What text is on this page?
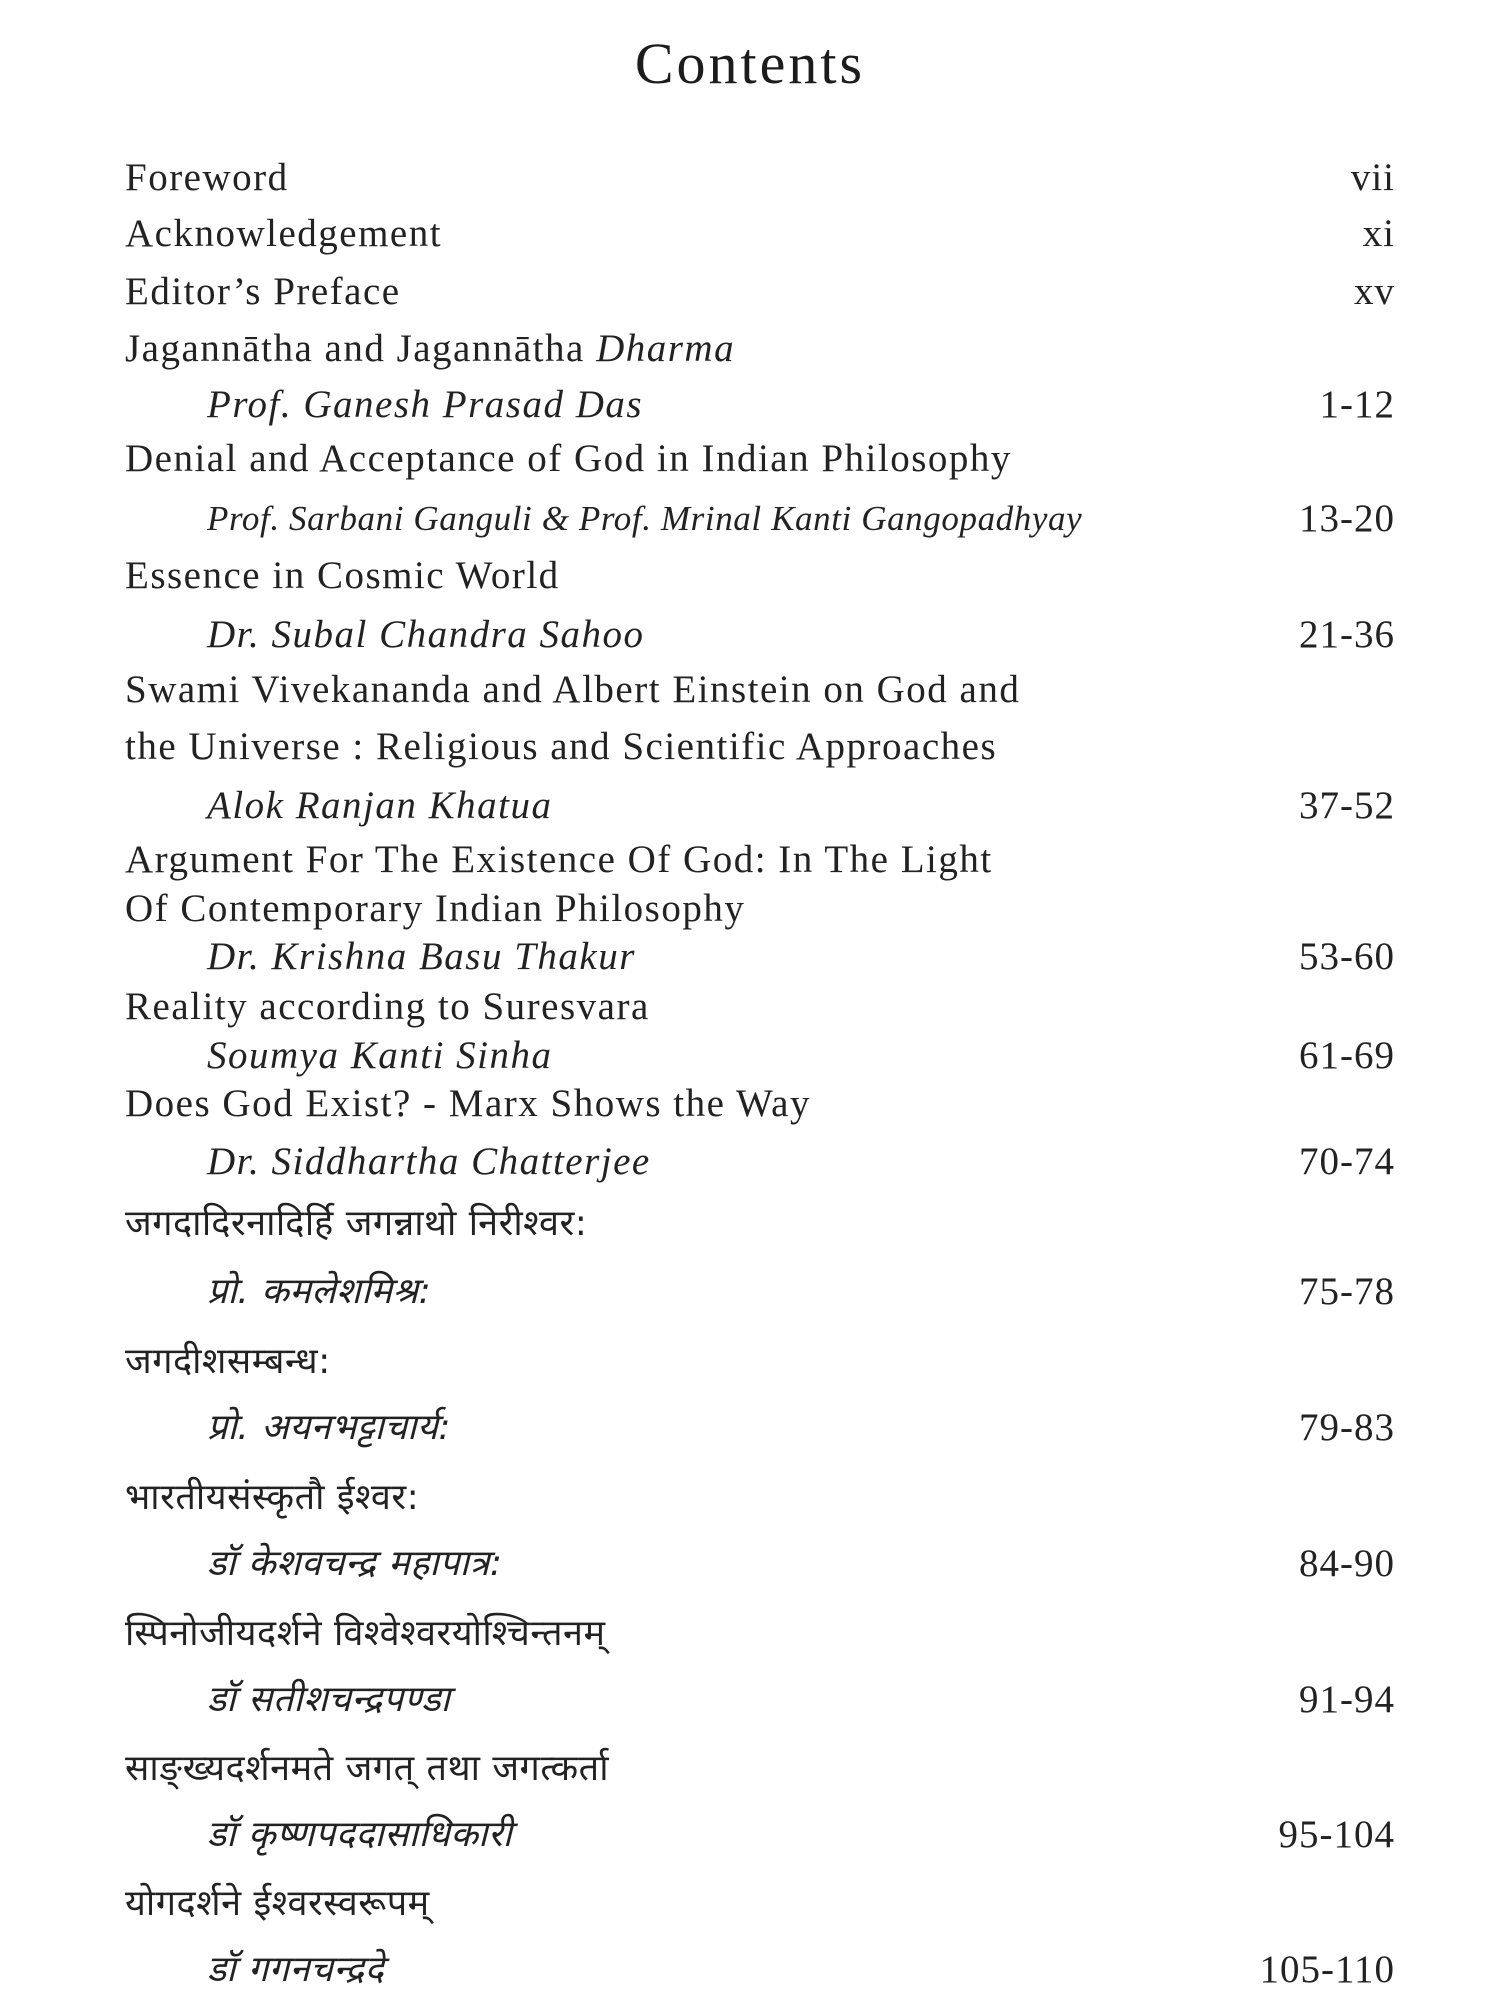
Contents
Foreword	vii
Acknowledgement	xi
Editor’s Preface	xv
Jagannātha and Jagannātha Dharma
Prof. Ganesh Prasad Das	1-12
Denial and Acceptance of God in Indian Philosophy
Prof. Sarbani Ganguli & Prof. Mrinal Kanti Gangopadhyay	13-20
Essence in Cosmic World
Dr. Subal Chandra Sahoo	21-36
Swami Vivekananda and Albert Einstein on God and
the Universe : Religious and Scientific Approaches
Alok Ranjan Khatua	37-52
Argument For The Existence Of God: In The Light
Of Contemporary Indian Philosophy
Dr. Krishna Basu Thakur	53-60
Reality according to Suresvara
Soumya Kanti Sinha	61-69
Does God Exist? - Marx Shows the Way
Dr. Siddhartha Chatterjee	70-74
जगदादिरनादिर्हि जगन्नाथो निरीश्वर:
प्रो. कमलेशमिश्र:	75-78
जगदीशसम्बन्ध:
प्रो. अयनभट्टाचार्य:	79-83
भारतीयसंस्कृतौ ईश्वर:
डॉ केशवचन्द्र महापात्र:	84-90
स्पिनोजीयदर्शने विश्वेश्वरयोश्चिन्तनम्
डॉ सतीशचन्द्रपण्डा	91-94
साङ्ख्यदर्शनमते जगत् तथा जगत्कर्ता
डॉ कृष्णपददासाधिकारी	95-104
योगदर्शने ईश्वरस्वरूपम्
डॉ गगनचन्द्रदे	105-110
